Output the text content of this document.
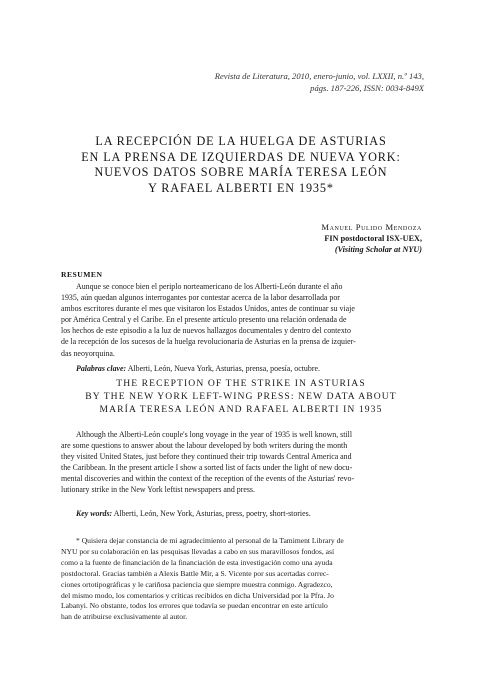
Revista de Literatura, 2010, enero-junio, vol. LXXII, n.º 143,
págs. 187-226, ISSN: 0034-849X
LA RECEPCIÓN DE LA HUELGA DE ASTURIAS
EN LA PRENSA DE IZQUIERDAS DE NUEVA YORK:
NUEVOS DATOS SOBRE MARÍA TERESA LEÓN
Y RAFAEL ALBERTI EN 1935*
Manuel Pulido Mendoza
FIN postdoctoral ISX-UEX,
(Visiting Scholar at NYU)
RESUMEN
Aunque se conoce bien el periplo norteamericano de los Alberti-León durante el año
1935, aún quedan algunos interrogantes por contestar acerca de la labor desarrollada por
ambos escritores durante el mes que visitaron los Estados Unidos, antes de continuar su viaje
por América Central y el Caribe. En el presente artículo presento una relación ordenada de
los hechos de este episodio a la luz de nuevos hallazgos documentales y dentro del contexto
de la recepción de los sucesos de la huelga revolucionaria de Asturias en la prensa de izquier-
das neoyorquina.
Palabras clave: Alberti, León, Nueva York, Asturias, prensa, poesía, octubre.
THE RECEPTION OF THE STRIKE IN ASTURIAS
BY THE NEW YORK LEFT-WING PRESS: NEW DATA ABOUT
MARÍA TERESA LEÓN AND RAFAEL ALBERTI IN 1935
Although the Alberti-León couple's long voyage in the year of 1935 is well known, still
are some questions to answer about the labour developed by both writers during the month
they visited United States, just before they continued their trip towards Central America and
the Caribbean. In the present article I show a sorted list of facts under the light of new docu-
mental discoveries and within the context of the reception of the events of the Asturias' revo-
lutionary strike in the New York leftist newspapers and press.
Key words: Alberti, León, New York, Asturias, press, poetry, short-stories.
* Quisiera dejar constancia de mi agradecimiento al personal de la Tamiment Library de
NYU por su colaboración en las pesquisas llevadas a cabo en sus maravillosos fondos, así
como a la fuente de financiación de la financiación de esta investigación como una ayuda
postdoctoral. Gracias también a Alexis Battle Mir, a S. Vicente por sus acertadas correc-
ciones ortotipográficas y le cariñosa paciencia que siempre muestra conmigo. Agradezco,
del mismo modo, los comentarios y críticas recibidos en dicha Universidad por la Pfra. Jo
Labanyi. No obstante, todos los errores que todavía se puedan encontrar en este artículo
han de atribuirse exclusivamente al autor.
